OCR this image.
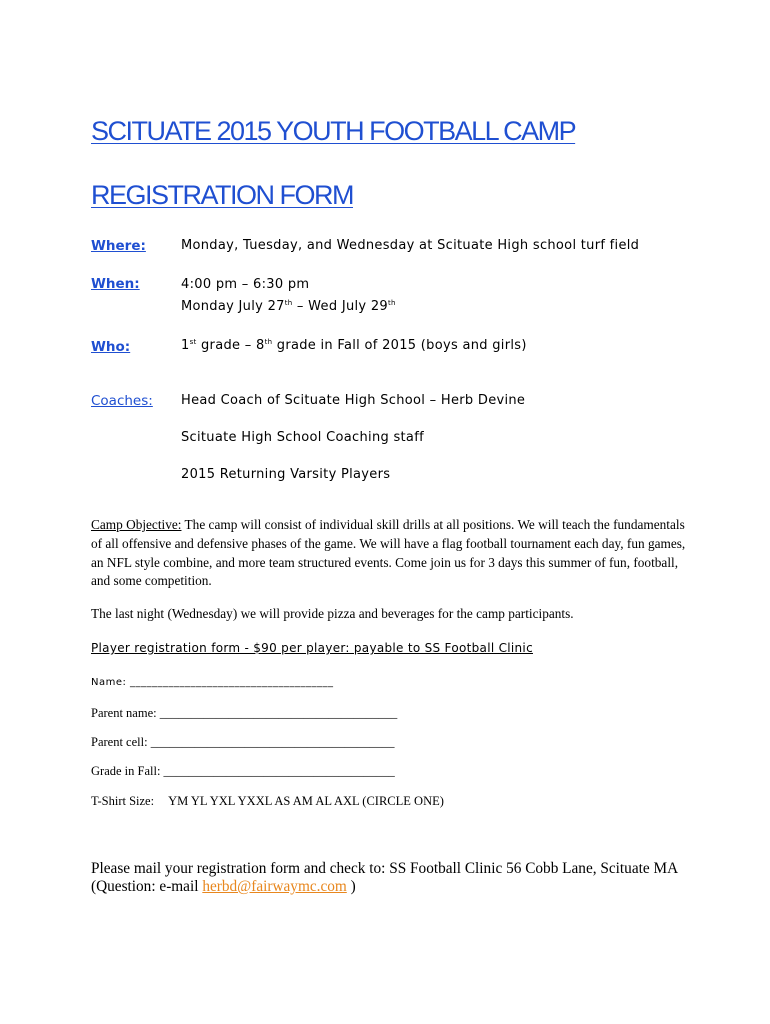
SCITUATE 2015 YOUTH FOOTBALL CAMP
REGISTRATION FORM
Where:	Monday, Tuesday, and Wednesday at Scituate High school turf field
When:	4:00 pm – 6:30 pm
Monday July 27th – Wed July 29th
Who:	1st grade – 8th grade in Fall of 2015 (boys and girls)
Coaches: Head Coach of Scituate High School – Herb Devine
Scituate High School Coaching staff
2015 Returning Varsity Players
Camp Objective: The camp will consist of individual skill drills at all positions. We will teach the fundamentals of all offensive and defensive phases of the game. We will have a flag football tournament each day, fun games, an NFL style combine, and more team structured events. Come join us for 3 days this summer of fun, football, and some competition.
The last night (Wednesday) we will provide pizza and beverages for the camp participants.
Player registration form - $90 per player: payable to SS Football Clinic
Name: _____________________________________
Parent name: ______________________________________
Parent cell: _______________________________________
Grade in Fall: _____________________________________
T-Shirt Size: YM YL YXL YXXL AS AM AL AXL (CIRCLE ONE)
Please mail your registration form and check to: SS Football Clinic 56 Cobb Lane, Scituate MA
(Question: e-mail herbd@fairwaymc.com )
